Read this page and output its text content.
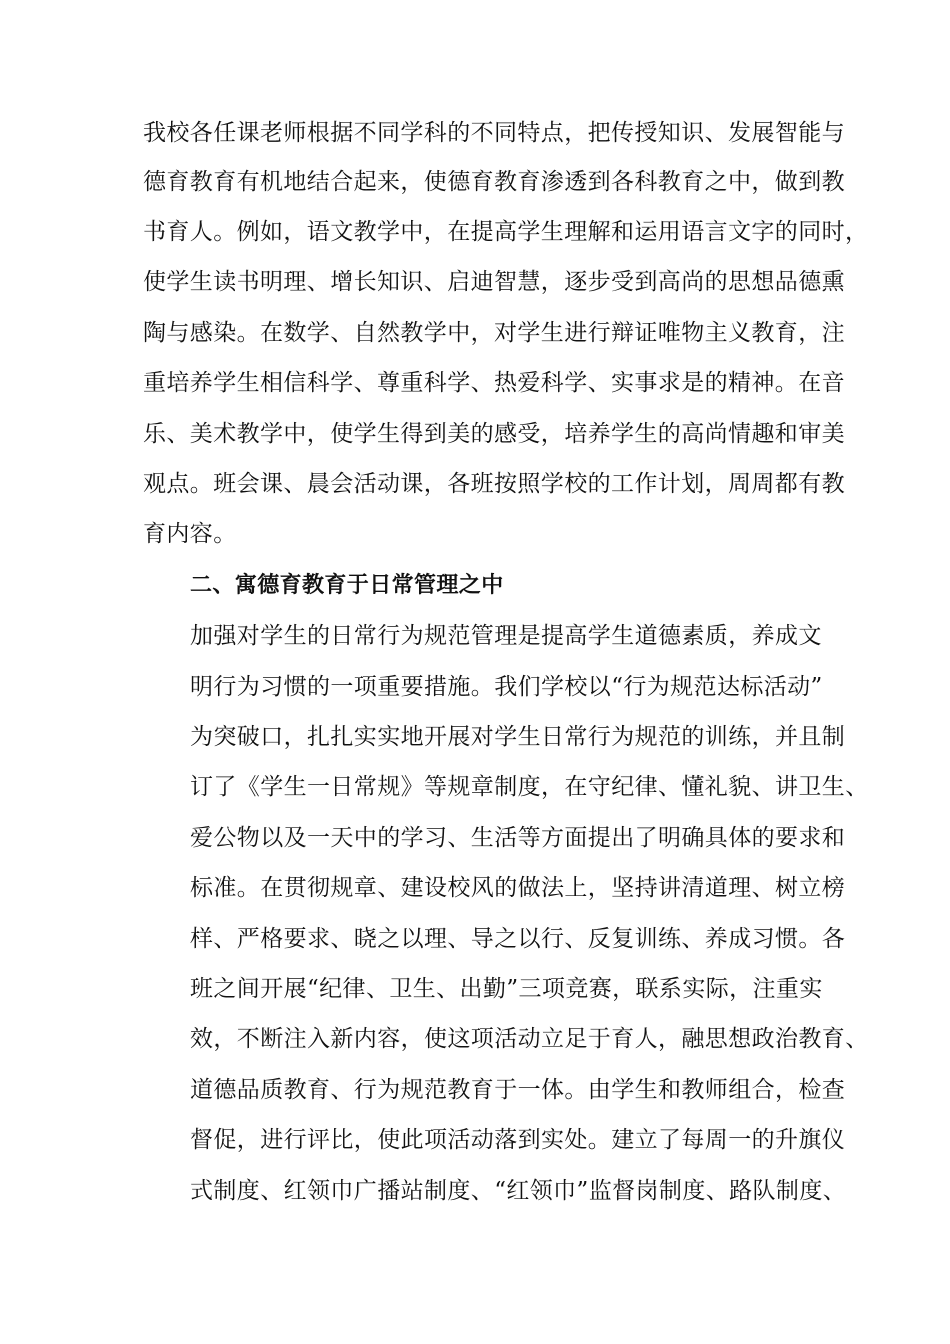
我校各任课老师根据不同学科的不同特点，把传授知识、发展智能与
德育教育有机地结合起来，使德育教育渗透到各科教育之中，做到教
书育人。例如，语文教学中，在提高学生理解和运用语言文字的同时，
使学生读书明理、增长知识、启迪智慧，逐步受到高尚的思想品德熏
陶与感染。在数学、自然教学中，对学生进行辩证唯物主义教育，注
重培养学生相信科学、尊重科学、热爱科学、实事求是的精神。在音
乐、美术教学中，使学生得到美的感受，培养学生的高尚情趣和审美
观点。班会课、晨会活动课，各班按照学校的工作计划，周周都有教
育内容。
二、寓德育教育于日常管理之中
加强对学生的日常行为规范管理是提高学生道德素质，养成文
明行为习惯的一项重要措施。我们学校以“行为规范达标活动”
为突破口，扎扎实实地开展对学生日常行为规范的训练，并且制
订了《学生一日常规》等规章制度，在守纪律、懂礼貌、讲卫生、
爱公物以及一天中的学习、生活等方面提出了明确具体的要求和
标准。在贯彻规章、建设校风的做法上，坚持讲清道理、树立榜
样、严格要求、晓之以理、导之以行、反复训练、养成习惯。各
班之间开展“纪律、卫生、出勤”三项竞赛，联系实际，注重实
效，不断注入新内容，使这项活动立足于育人，融思想政治教育、
道德品质教育、行为规范教育于一体。由学生和教师组合，检查
督促，进行评比，使此项活动落到实处。建立了每周一的升旗仪
式制度、红领巾广播站制度、“红领巾”监督岗制度、路队制度、
